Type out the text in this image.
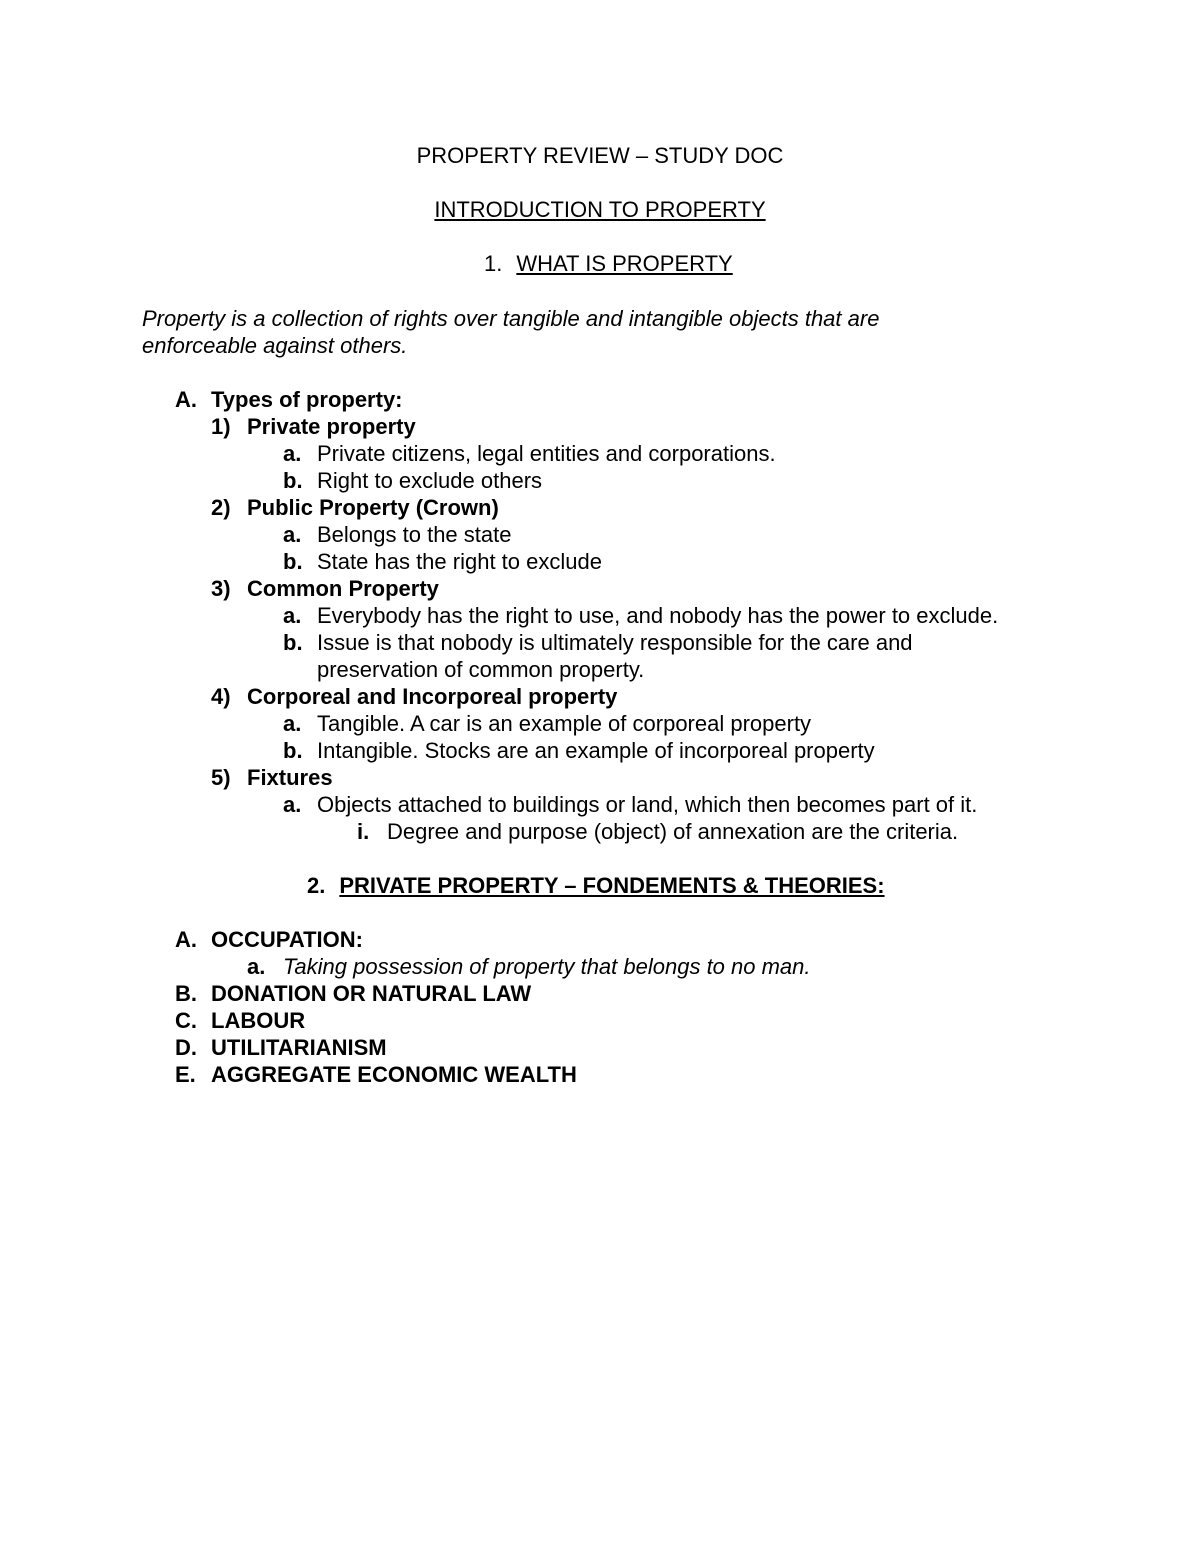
PROPERTY REVIEW – STUDY DOC
INTRODUCTION TO PROPERTY
1. WHAT IS PROPERTY
Property is a collection of rights over tangible and intangible objects that are
enforceable against others.
A. Types of property:
1) Private property
a. Private citizens, legal entities and corporations.
b. Right to exclude others
2) Public Property (Crown)
a. Belongs to the state
b. State has the right to exclude
3) Common Property
a. Everybody has the right to use, and nobody has the power to exclude.
b. Issue is that nobody is ultimately responsible for the care and
preservation of common property.
4) Corporeal and Incorporeal property
a. Tangible. A car is an example of corporeal property
b. Intangible. Stocks are an example of incorporeal property
5) Fixtures
a. Objects attached to buildings or land, which then becomes part of it.
i. Degree and purpose (object) of annexation are the criteria.
2. PRIVATE PROPERTY – FONDEMENTS & THEORIES:
A. OCCUPATION:
a. Taking possession of property that belongs to no man.
B. DONATION OR NATURAL LAW
C. LABOUR
D. UTILITARIANISM
E. AGGREGATE ECONOMIC WEALTH
